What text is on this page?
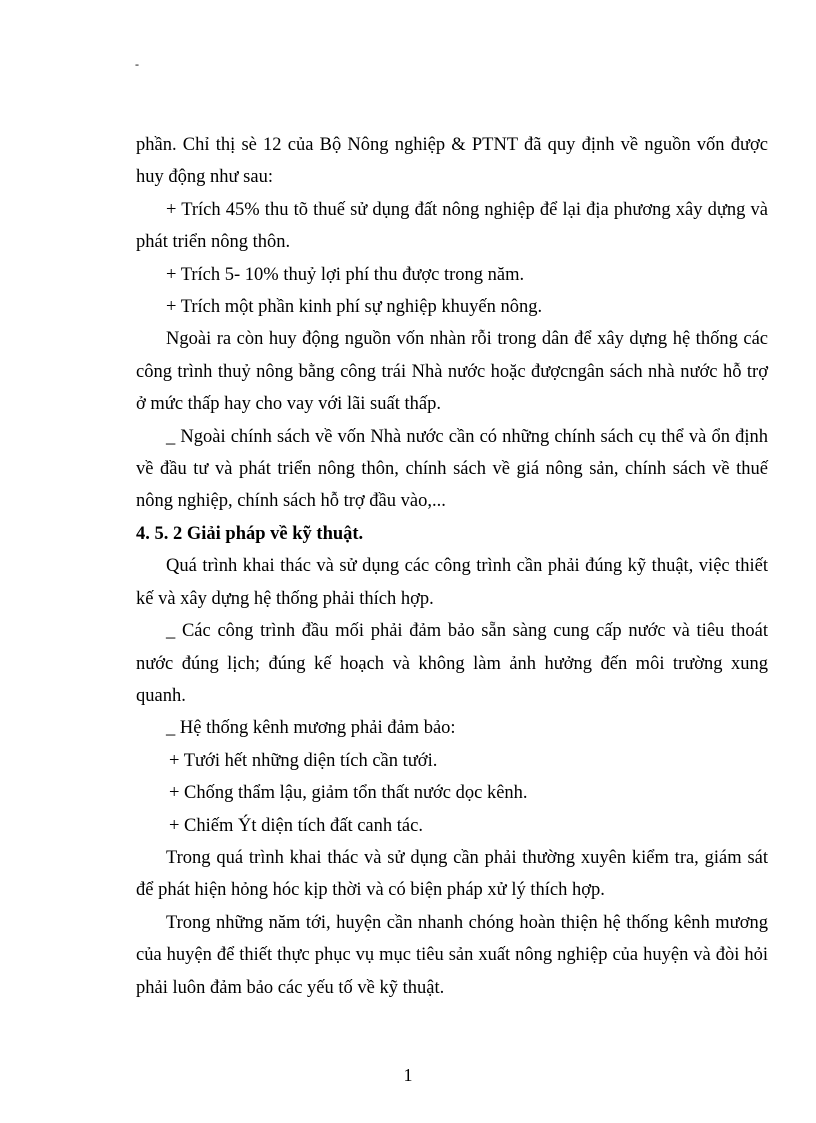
-

phần. Chỉ thị sè 12 của Bộ Nông nghiệp & PTNT đã quy định về nguồn vốn được huy động như sau:

+ Trích 45% thu tõ thuế sử dụng đất nông nghiệp để lại địa phương xây dựng và phát triển nông thôn.

+ Trích 5- 10% thuỷ lợi phí thu được trong năm.

+ Trích một phần kinh phí sự nghiệp khuyến nông.

Ngoài ra còn huy động nguồn vốn nhàn rỗi trong dân để xây dựng hệ thống các công trình thuỷ nông bằng công trái Nhà nước hoặc đượcngân sách nhà nước hỗ trợ ở mức thấp hay cho vay với lãi suất thấp.

_ Ngoài chính sách về vốn Nhà nước cần có những chính sách cụ thể và ổn định về đầu tư và phát triển nông thôn, chính sách về giá nông sản, chính sách về thuế nông nghiệp, chính sách hỗ trợ đầu vào,...

4. 5. 2 Giải pháp về kỹ thuật.

Quá trình khai thác và sử dụng các công trình cần phải đúng kỹ thuật, việc thiết kế và xây dựng hệ thống phải thích hợp.

_ Các công trình đầu mối phải đảm bảo sẵn sàng cung cấp nước và tiêu thoát nước đúng lịch; đúng kế hoạch và không làm ảnh hưởng đến môi trường xung quanh.

_ Hệ thống kênh mương phải đảm bảo:

+ Tưới hết những diện tích cần tưới.

+ Chống thẩm lậu, giảm tổn thất nước dọc kênh.

+ Chiếm Ýt diện tích đất canh tác.

Trong quá trình khai thác và sử dụng cần phải thường xuyên kiểm tra, giám sát để phát hiện hỏng hóc kịp thời và có biện pháp xử lý thích hợp.

Trong những năm tới, huyện cần nhanh chóng hoàn thiện hệ thống kênh mương của huyện để thiết thực phục vụ mục tiêu sản xuất nông nghiệp của huyện và đòi hỏi phải luôn đảm bảo các yếu tố về kỹ thuật.

1
